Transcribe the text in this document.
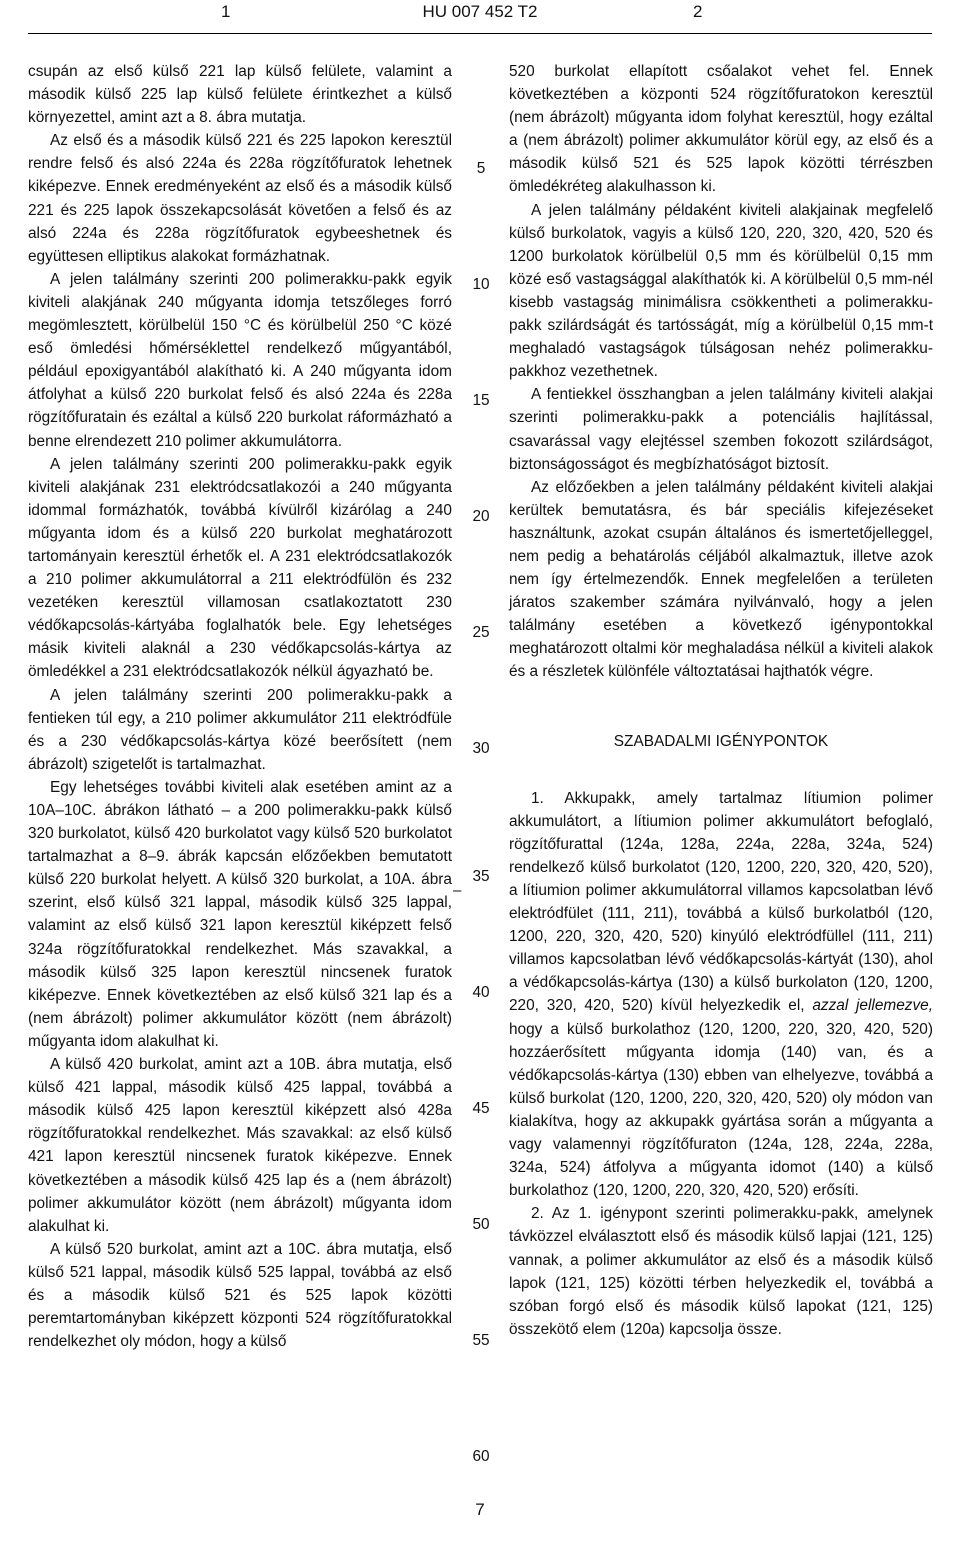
1	HU 007 452 T2	2

csupán az első külső 221 lap külső felülete, valamint a második külső 225 lap külső felülete érintkezhet a külső környezettel, amint azt a 8. ábra mutatja.

Az első és a második külső 221 és 225 lapokon keresztül rendre felső és alsó 224a és 228a rögzítőfuratok lehetnek kiképezve. Ennek eredményeként az első és a második külső 221 és 225 lapok összekapcsolását követően a felső és az alsó 224a és 228a rögzítőfuratok egybeeshetnek és együttesen elliptikus alakokat formázhatnak.

A jelen találmány szerinti 200 polimerakku-pakk egyik kiviteli alakjának 240 műgyanta idomja tetszőleges forró megömlesztett, körülbelül 150 °C és körülbelül 250 °C közé eső ömledési hőmérséklettel rendelkező műgyantából, például epoxigyantából alakítható ki. A 240 műgyanta idom átfolyhat a külső 220 burkolat felső és alsó 224a és 228a rögzítőfuratain és ezáltal a külső 220 burkolat ráformázható a benne elrendezett 210 polimer akkumulátorra.

A jelen találmány szerinti 200 polimerakku-pakk egyik kiviteli alakjának 231 elektródcsatlakozói a 240 műgyanta idommal formázhatók, továbbá kívülről kizárólag a 240 műgyanta idom és a külső 220 burkolat meghatározott tartományain keresztül érhetők el. A 231 elektródcsatlakozók a 210 polimer akkumulátorral a 211 elektródfülön és 232 vezetéken keresztül villamosan csatlakoztatott 230 védőkapcsolás-kártyába foglalhatók bele. Egy lehetséges másik kiviteli alaknál a 230 védőkapcsolás-kártya az ömledékkel a 231 elektródcsatlakozók nélkül ágyazható be.

A jelen találmány szerinti 200 polimerakku-pakk a fentieken túl egy, a 210 polimer akkumulátor 211 elektródfüle és a 230 védőkapcsolás-kártya közé beerősített (nem ábrázolt) szigetelőt is tartalmazhat.

Egy lehetséges további kiviteli alak esetében amint az a 10A–10C. ábrákon látható – a 200 polimerakku-pakk külső 320 burkolatot, külső 420 burkolatot vagy külső 520 burkolatot tartalmazhat a 8–9. ábrák kapcsán előzőekben bemutatott külső 220 burkolat helyett. A külső 320 burkolat, a 10A. ábra szerint, első külső 321 lappal, második külső 325 lappal, valamint az első külső 321 lapon keresztül kiképzett felső 324a rögzítőfuratokkal rendelkezhet. Más szavakkal, a második külső 325 lapon keresztül nincsenek furatok kiképezve. Ennek következtében az első külső 321 lap és a (nem ábrázolt) polimer akkumulátor között (nem ábrázolt) műgyanta idom alakulhat ki.

A külső 420 burkolat, amint azt a 10B. ábra mutatja, első külső 421 lappal, második külső 425 lappal, továbbá a második külső 425 lapon keresztül kiképzett alsó 428a rögzítőfuratokkal rendelkezhet. Más szavakkal: az első külső 421 lapon keresztül nincsenek furatok kiképezve. Ennek következtében a második külső 425 lap és a (nem ábrázolt) polimer akkumulátor között (nem ábrázolt) műgyanta idom alakulhat ki.

A külső 520 burkolat, amint azt a 10C. ábra mutatja, első külső 521 lappal, második külső 525 lappal, továbbá az első és a második külső 521 és 525 lapok közötti peremtartományban kiképzett központi 524 rögzítőfuratokkal rendelkezhet oly módon, hogy a külső

–

520 burkolat ellapított csőalakot vehet fel. Ennek következtében a központi 524 rögzítőfuratokon keresztül (nem ábrázolt) műgyanta idom folyhat keresztül, hogy ezáltal a (nem ábrázolt) polimer akkumulátor körül egy, az első és a második külső 521 és 525 lapok közötti térrészben ömledékréteg alakulhasson ki.

A jelen találmány példaként kiviteli alakjainak megfelelő külső burkolatok, vagyis a külső 120, 220, 320, 420, 520 és 1200 burkolatok körülbelül 0,5 mm és körülbelül 0,15 mm közé eső vastagsággal alakíthatók ki. A körülbelül 0,5 mm-nél kisebb vastagság minimálisra csökkentheti a polimerakku-pakk szilárdságát és tartósságát, míg a körülbelül 0,15 mm-t meghaladó vastagságok túlságosan nehéz polimerakku-pakkhoz vezethetnek.

A fentiekkel összhangban a jelen találmány kiviteli alakjai szerinti polimerakku-pakk a potenciális hajlítással, csavarással vagy elejtéssel szemben fokozott szilárdságot, biztonságosságot és megbízhatóságot biztosít.

Az előzőekben a jelen találmány példaként kiviteli alakjai kerültek bemutatásra, és bár speciális kifejezéseket használtunk, azokat csupán általános és ismertetőjelleggel, nem pedig a behatárolás céljából alkalmaztuk, illetve azok nem így értelmezendők. Ennek megfelelően a területen járatos szakember számára nyilvánvaló, hogy a jelen találmány esetében a következő igénypontokkal meghatározott oltalmi kör meghaladása nélkül a kiviteli alakok és a részletek különféle változtatásai hajthatók végre.

SZABADALMI IGÉNYPONTOK

1. Akkupakk, amely tartalmaz lítiumion polimer akkumulátort, a lítiumion polimer akkumulátort befoglaló, rögzítőfurattal (124a, 128a, 224a, 228a, 324a, 524) rendelkező külső burkolatot (120, 1200, 220, 320, 420, 520), a lítiumion polimer akkumulátorral villamos kapcsolatban lévő elektródfület (111, 211), továbbá a külső burkolatból (120, 1200, 220, 320, 420, 520) kinyúló elektródfüllel (111, 211) villamos kapcsolatban lévő védőkapcsolás-kártyát (130), ahol a védőkapcsolás-kártya (130) a külső burkolaton (120, 1200, 220, 320, 420, 520) kívül helyezkedik el, azzal jellemezve, hogy a külső burkolathoz (120, 1200, 220, 320, 420, 520) hozzáerősített műgyanta idomja (140) van, és a védőkapcsolás-kártya (130) ebben van elhelyezve, továbbá a külső burkolat (120, 1200, 220, 320, 420, 520) oly módon van kialakítva, hogy az akkupakk gyártása során a műgyanta a vagy valamennyi rögzítőfuraton (124a, 128, 224a, 228a, 324a, 524) átfolyva a műgyanta idomot (140) a külső burkolathoz (120, 1200, 220, 320, 420, 520) erősíti.

2. Az 1. igénypont szerinti polimerakku-pakk, amelynek távközzel elválasztott első és második külső lapjai (121, 125) vannak, a polimer akkumulátor az első és a második külső lapok (121, 125) közötti térben helyezkedik el, továbbá a szóban forgó első és második külső lapokat (121, 125) összekötő elem (120a) kapcsolja össze.

5
10
15
20
25
30
35
40
45
50
55
60
7
